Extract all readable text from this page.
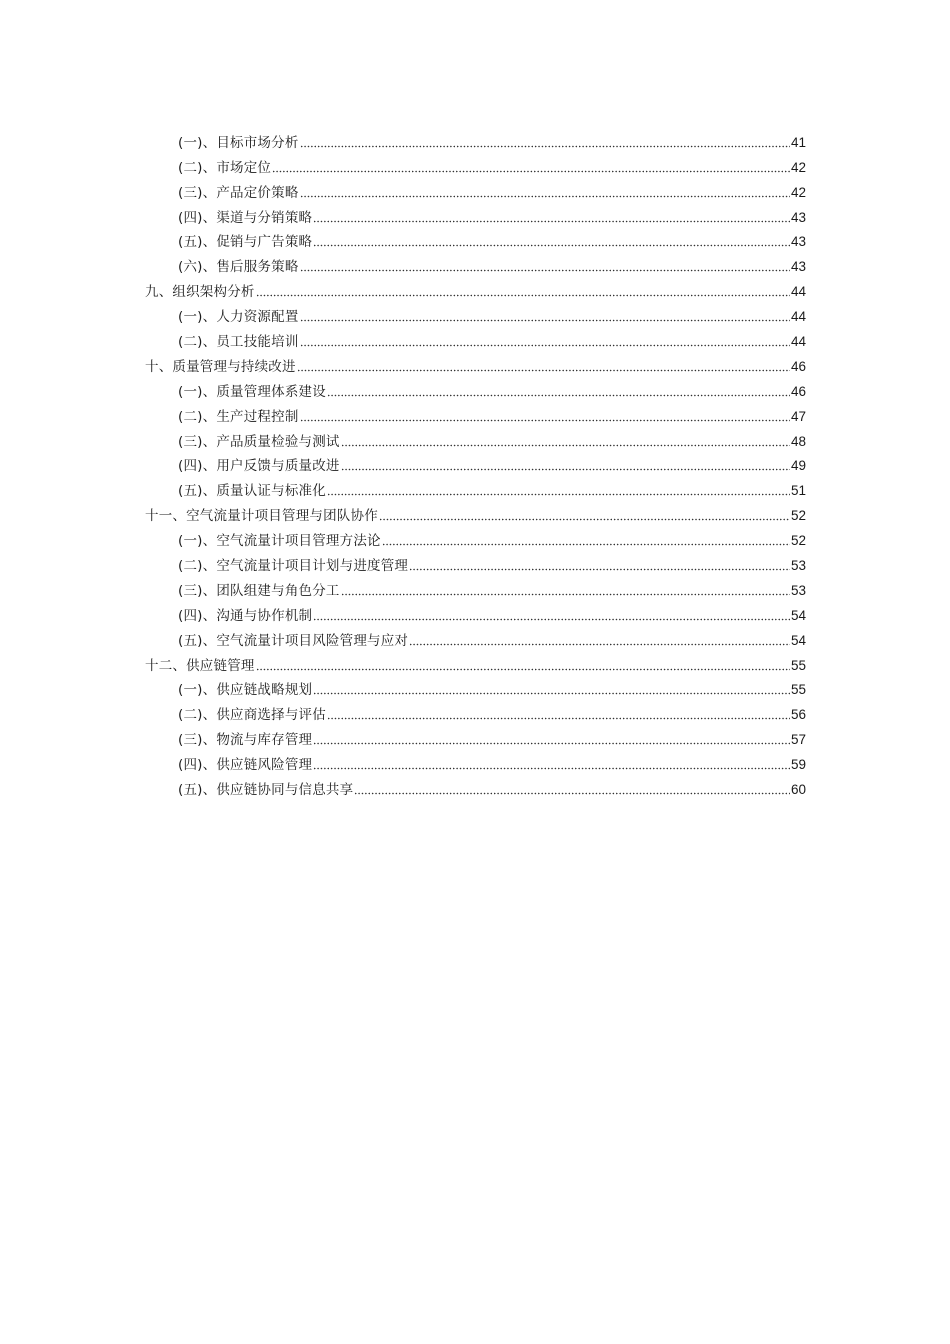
(一)、目标市场分析	41
(二)、市场定位	42
(三)、产品定价策略	42
(四)、渠道与分销策略	43
(五)、促销与广告策略	43
(六)、售后服务策略	43
九、组织架构分析	44
(一)、人力资源配置	44
(二)、员工技能培训	44
十、质量管理与持续改进	46
(一)、质量管理体系建设	46
(二)、生产过程控制	47
(三)、产品质量检验与测试	48
(四)、用户反馈与质量改进	49
(五)、质量认证与标准化	51
十一、空气流量计项目管理与团队协作	52
(一)、空气流量计项目管理方法论	52
(二)、空气流量计项目计划与进度管理	53
(三)、团队组建与角色分工	53
(四)、沟通与协作机制	54
(五)、空气流量计项目风险管理与应对	54
十二、供应链管理	55
(一)、供应链战略规划	55
(二)、供应商选择与评估	56
(三)、物流与库存管理	57
(四)、供应链风险管理	59
(五)、供应链协同与信息共享	60
